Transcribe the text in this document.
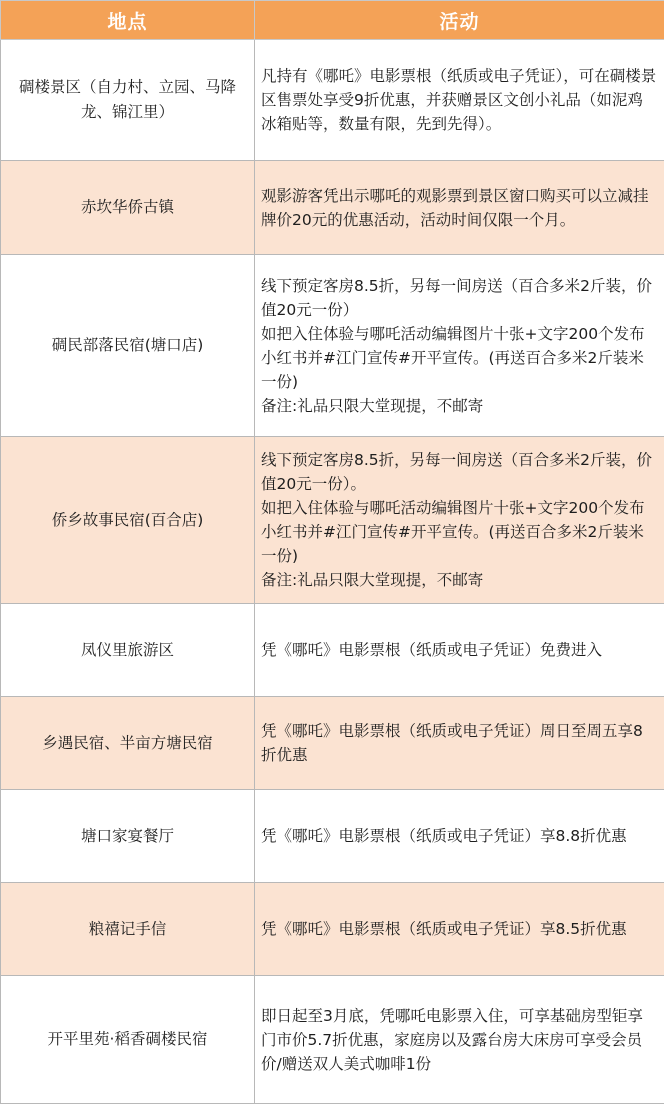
地点	活动
碉楼景区（自力村、立园、马降龙、锦江里）	凡持有《哪吒》电影票根（纸质或电子凭证），可在碉楼景区售票处享受9折优惠，并获赠景区文创小礼品（如泥鸡冰箱贴等，数量有限，先到先得）。

赤坎华侨古镇	观影游客凭出示哪吒的观影票到景区窗口购买可以立减挂牌价20元的优惠活动，活动时间仅限一个月。

碉民部落民宿(塘口店)	线下预定客房8.5折，另每一间房送（百合多米2斤装，价值20元一份）
如把入住体验与哪吒活动编辑图片十张+文字200个发布小红书并#江门宣传#开平宣传。(再送百合多米2斤装米一份)
备注:礼品只限大堂现提，不邮寄

侨乡故事民宿(百合店)	线下预定客房8.5折，另每一间房送（百合多米2斤装，价值20元一份）。
如把入住体验与哪吒活动编辑图片十张+文字200个发布小红书并#江门宣传#开平宣传。(再送百合多米2斤装米一份)
备注:礼品只限大堂现提，不邮寄

凤仪里旅游区	凭《哪吒》电影票根（纸质或电子凭证）免费进入

乡遇民宿、半亩方塘民宿	凭《哪吒》电影票根（纸质或电子凭证）周日至周五享8折优惠

塘口家宴餐厅	凭《哪吒》电影票根（纸质或电子凭证）享8.8折优惠

粮禧记手信	凭《哪吒》电影票根（纸质或电子凭证）享8.5折优惠

开平里苑·稻香碉楼民宿	即日起至3月底，凭哪吒电影票入住，可享基础房型钜享门市价5.7折优惠，家庭房以及露台房大床房可享受会员价/赠送双人美式咖啡1份
